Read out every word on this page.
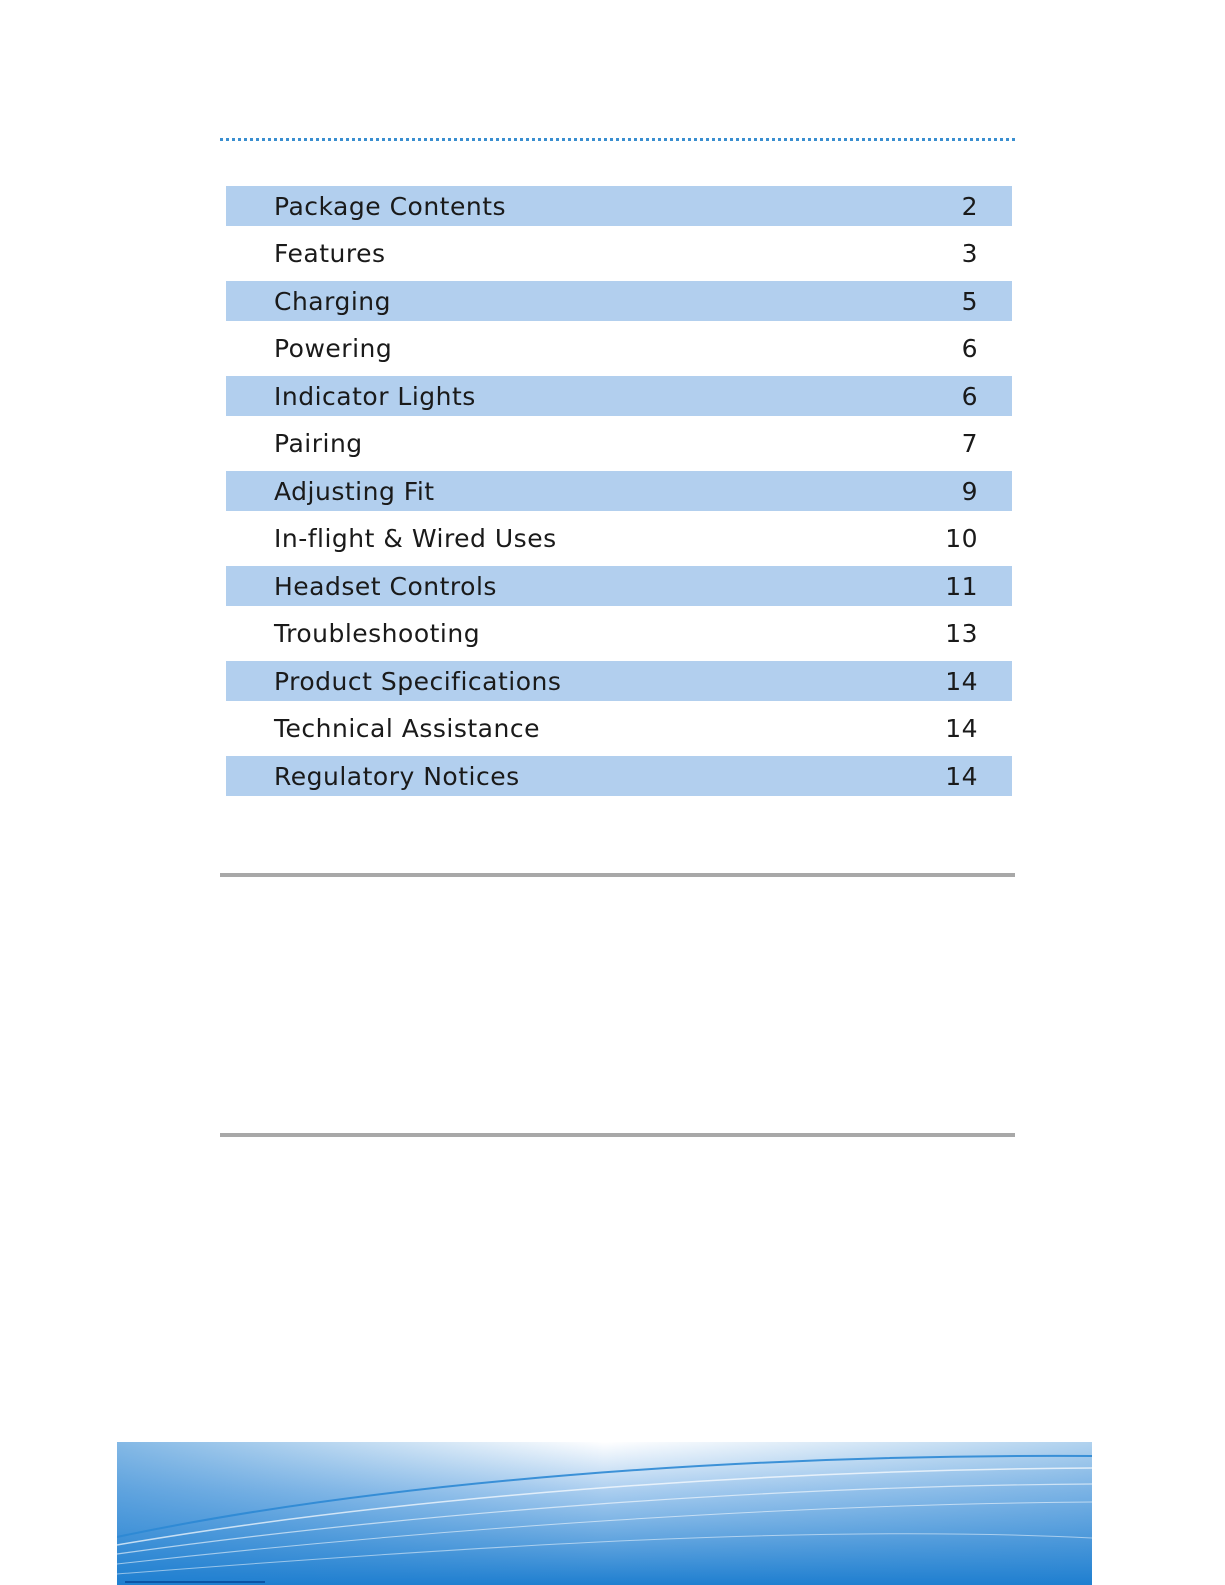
Package Contents	2
Features	3
Charging	5
Powering	6
Indicator Lights	6
Pairing	7
Adjusting Fit	9
In-flight & Wired Uses	10
Headset Controls	11
Troubleshooting	13
Product Specifications	14
Technical Assistance	14
Regulatory Notices	14
